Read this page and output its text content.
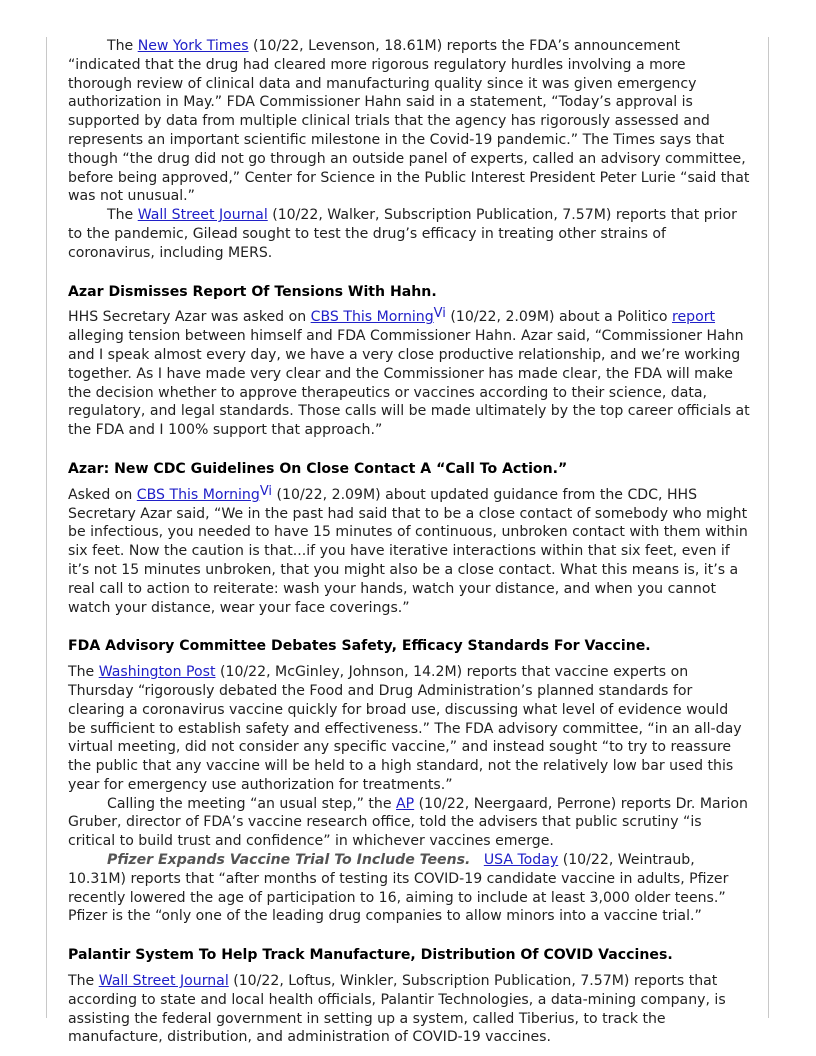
The New York Times (10/22, Levenson, 18.61M) reports the FDA’s announcement “indicated that the drug had cleared more rigorous regulatory hurdles involving a more thorough review of clinical data and manufacturing quality since it was given emergency authorization in May.” FDA Commissioner Hahn said in a statement, “Today’s approval is supported by data from multiple clinical trials that the agency has rigorously assessed and represents an important scientific milestone in the Covid-19 pandemic.” The Times says that though “the drug did not go through an outside panel of experts, called an advisory committee, before being approved,” Center for Science in the Public Interest President Peter Lurie “said that was not unusual.”

The Wall Street Journal (10/22, Walker, Subscription Publication, 7.57M) reports that prior to the pandemic, Gilead sought to test the drug’s efficacy in treating other strains of coronavirus, including MERS.

Azar Dismisses Report Of Tensions With Hahn.

HHS Secretary Azar was asked on CBS This Morning$^{Vi}$ (10/22, 2.09M) about a Politico report alleging tension between himself and FDA Commissioner Hahn. Azar said, “Commissioner Hahn and I speak almost every day, we have a very close productive relationship, and we’re working together. As I have made very clear and the Commissioner has made clear, the FDA will make the decision whether to approve therapeutics or vaccines according to their science, data, regulatory, and legal standards. Those calls will be made ultimately by the top career officials at the FDA and I 100% support that approach.”

Azar: New CDC Guidelines On Close Contact A “Call To Action.”

Asked on CBS This Morning$^{Vi}$ (10/22, 2.09M) about updated guidance from the CDC, HHS Secretary Azar said, “We in the past had said that to be a close contact of somebody who might be infectious, you needed to have 15 minutes of continuous, unbroken contact with them within six feet. Now the caution is that...if you have iterative interactions within that six feet, even if it’s not 15 minutes unbroken, that you might also be a close contact. What this means is, it’s a real call to action to reiterate: wash your hands, watch your distance, and when you cannot watch your distance, wear your face coverings.”

FDA Advisory Committee Debates Safety, Efficacy Standards For Vaccine.

The Washington Post (10/22, McGinley, Johnson, 14.2M) reports that vaccine experts on Thursday “rigorously debated the Food and Drug Administration’s planned standards for clearing a coronavirus vaccine quickly for broad use, discussing what level of evidence would be sufficient to establish safety and effectiveness.” The FDA advisory committee, “in an all-day virtual meeting, did not consider any specific vaccine,” and instead sought “to try to reassure the public that any vaccine will be held to a high standard, not the relatively low bar used this year for emergency use authorization for treatments.”

Calling the meeting “an usual step,” the AP (10/22, Neergaard, Perrone) reports Dr. Marion Gruber, director of FDA’s vaccine research office, told the advisers that public scrutiny “is critical to build trust and confidence” in whichever vaccines emerge.

Pfizer Expands Vaccine Trial To Include Teens. USA Today (10/22, Weintraub, 10.31M) reports that “after months of testing its COVID-19 candidate vaccine in adults, Pfizer recently lowered the age of participation to 16, aiming to include at least 3,000 older teens.” Pfizer is the “only one of the leading drug companies to allow minors into a vaccine trial.”

Palantir System To Help Track Manufacture, Distribution Of COVID Vaccines.

The Wall Street Journal (10/22, Loftus, Winkler, Subscription Publication, 7.57M) reports that according to state and local health officials, Palantir Technologies, a data-mining company, is assisting the federal government in setting up a system, called Tiberius, to track the manufacture, distribution, and administration of COVID-19 vaccines.
